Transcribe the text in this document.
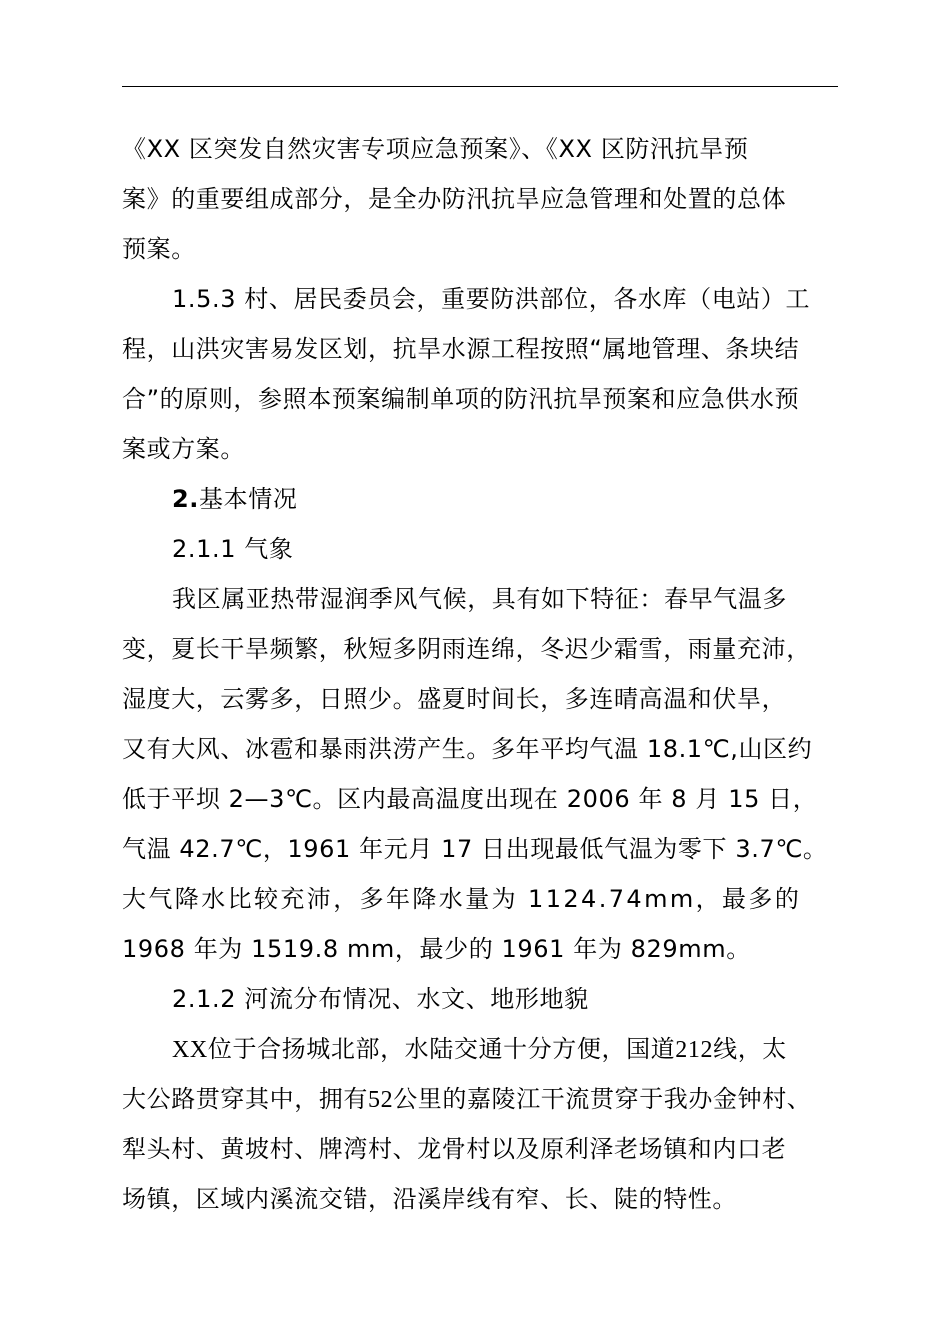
《XX 区突发自然灾害专项应急预案》、《XX 区防汛抗旱预
案》的重要组成部分，是全办防汛抗旱应急管理和处置的总体
预案。
1.5.3 村、居民委员会，重要防洪部位，各水库（电站）工
程，山洪灾害易发区划，抗旱水源工程按照“属地管理、条块结
合”的原则，参照本预案编制单项的防汛抗旱预案和应急供水预
案或方案。
2.基本情况
2.1.1 气象
我区属亚热带湿润季风气候，具有如下特征：春早气温多
变，夏长干旱频繁，秋短多阴雨连绵，冬迟少霜雪，雨量充沛，
湿度大，云雾多，日照少。盛夏时间长，多连晴高温和伏旱，
又有大风、冰雹和暴雨洪涝产生。多年平均气温 18.1℃,山区约
低于平坝 2—3℃。区内最高温度出现在 2006 年 8 月 15 日，
气温 42.7℃，1961 年元月 17 日出现最低气温为零下 3.7℃。
大气降水比较充沛，多年降水量为 1124.74mm，最多的
1968 年为 1519.8 mm，最少的 1961 年为 829mm。
2.1.2 河流分布情况、水文、地形地貌
XX位于合扬城北部，水陆交通十分方便，国道212线，太
大公路贯穿其中，拥有52公里的嘉陵江干流贯穿于我办金钟村、
犁头村、黄坡村、牌湾村、龙骨村以及原利泽老场镇和内口老
场镇，区域内溪流交错，沿溪岸线有窄、长、陡的特性。
